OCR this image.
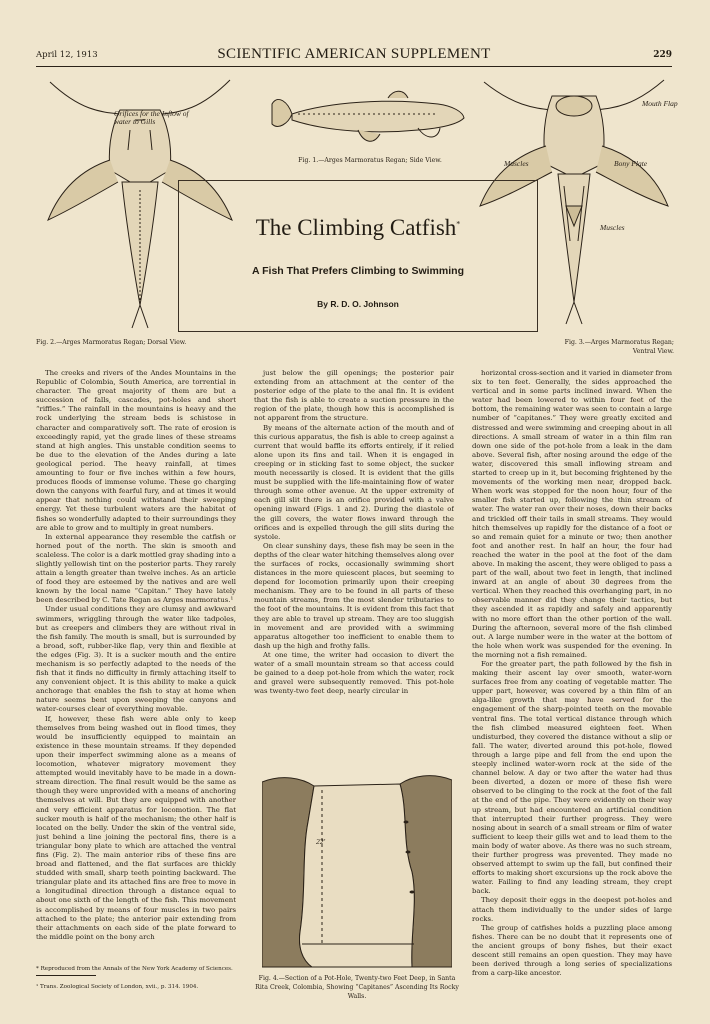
April 12, 1913	SCIENTIFIC AMERICAN SUPPLEMENT	229
Orifices for the Inflow of water to Gills
Fig. 2.—Arges Marmoratus Regan; Dorsal View.
Fig. 1.—Arges Marmoratus Regan; Side View.
Mouth Flap
Muscles	Bony Plate
Muscles
Fig. 3.—Arges Marmoratus Regan; Ventral View.
The Climbing Catfish*
A Fish That Prefers Climbing to Swimming
By R. D. O. Johnson

The creeks and rivers of the Andes Mountains in the Republic of Colombia, South America, are torrential in character. The great majority of them are but a succession of falls, cascades, pot-holes and short “riffles.” The rainfall in the mountains is heavy and the rock underlying the stream beds is schistose in character and comparatively soft. The rate of erosion is exceedingly rapid, yet the grade lines of these streams stand at high angles. This unstable condition seems to be due to the elevation of the Andes during a late geological period. The heavy rainfall, at times amounting to four or five inches within a few hours, produces floods of immense volume. These go charging down the canyons with fearful fury, and at times it would appear that nothing could withstand their sweeping energy. Yet these turbulent waters are the habitat of fishes so wonderfully adapted to their surroundings they are able to grow and to multiply in great numbers.

In external appearance they resemble the catfish or horned pout of the north. The skin is smooth and scaleless. The color is a dark mottled gray shading into a slightly yellowish tint on the posterior parts. They rarely attain a length greater than twelve inches. As an article of food they are esteemed by the natives and are well known by the local name “Capitan.” They have lately been described by C. Tate Regan as Arges marmoratus.¹

Under usual conditions they are clumsy and awkward swimmers, wriggling through the water like tadpoles, but as creepers and climbers they are without rival in the fish family. The mouth is small, but is surrounded by a broad, soft, rubber-like flap, very thin and flexible at the edges (Fig. 3). It is a sucker mouth and the entire mechanism is so perfectly adapted to the needs of the fish that it finds no difficulty in firmly attaching itself to any convenient object. It is this ability to make a quick anchorage that enables the fish to stay at home when nature seems bent upon sweeping the canyons and water-courses clear of everything movable.

If, however, these fish were able only to keep themselves from being washed out in flood times, they would be insufficiently equipped to maintain an existence in these mountain streams. If they depended upon their imperfect swimming alone as a means of locomotion, whatever migratory movement they attempted would inevitably have to be made in a down-stream direction. The final result would be the same as though they were unprovided with a means of anchoring themselves at will. But they are equipped with another and very efficient apparatus for locomotion. The flat sucker mouth is half of the mechanism; the other half is located on the belly. Under the skin of the ventral side, just behind a line joining the pectoral fins, there is a triangular bony plate to which are attached the ventral fins (Fig. 2). The main anterior ribs of these fins are broad and flattened, and the flat surfaces are thickly studded with small, sharp teeth pointing backward. The triangular plate and its attached fins are free to move in a longitudinal direction through a distance equal to about one sixth of the length of the fish. This movement is accomplished by means of four muscles in two pairs attached to the plate; the anterior pair extending from their attachments on each side of the plate forward to the middle point on the bony arch

* Reproduced from the Annals of the New York Academy of Sciences.
¹ Trans. Zoological Society of London, xvii., p. 314. 1904.

just below the gill openings; the posterior pair extending from an attachment at the center of the posterior edge of the plate to the anal fin. It is evident that the fish is able to create a suction pressure in the region of the plate, though how this is accomplished is not apparent from the structure.

By means of the alternate action of the mouth and of this curious apparatus, the fish is able to creep against a current that would baffle its efforts entirely, if it relied alone upon its fins and tail. When it is engaged in creeping or in sticking fast to some object, the sucker mouth necessarily is closed. It is evident that the gills must be supplied with the life-maintaining flow of water through some other avenue. At the upper extremity of each gill slit there is an orifice provided with a valve opening inward (Figs. 1 and 2). During the diastole of the gill covers, the water flows inward through the orifices and is expelled through the gill slits during the systole.

On clear sunshiny days, these fish may be seen in the depths of the clear water hitching themselves along over the surfaces of rocks, occasionally swimming short distances in the more quiescent places, but seeming to depend for locomotion primarily upon their creeping mechanism. They are to be found in all parts of these mountain streams, from the most slender tributaries to the foot of the mountains. It is evident from this fact that they are able to travel up stream. They are too sluggish in movement and are provided with a swimming apparatus altogether too inefficient to enable them to dash up the high and frothy falls.

At one time, the writer had occasion to divert the water of a small mountain stream so that access could be gained to a deep pot-hole from which the water, rock and gravel were subsequently removed. This pot-hole was twenty-two feet deep, nearly circular in

22'
Fig. 4.—Section of a Pot-Hole, Twenty-two Feet Deep, in Santa Rita Creek, Colombia, Showing “Capitanes” Ascending Its Rocky Walls.

horizontal cross-section and it varied in diameter from six to ten feet. Generally, the sides approached the vertical and in some parts inclined inward. When the water had been lowered to within four feet of the bottom, the remaining water was seen to contain a large number of “capitanes.” They were greatly excited and distressed and were swimming and creeping about in all directions. A small stream of water in a thin film ran down one side of the pot-hole from a leak in the dam above. Several fish, after nosing around the edge of the water, discovered this small inflowing stream and started to creep up in it, but becoming frightened by the movements of the working men near, dropped back. When work was stopped for the noon hour, four of the smaller fish started up, following the thin stream of water. The water ran over their noses, down their backs and trickled off their tails in small streams. They would hitch themselves up rapidly for the distance of a foot or so and remain quiet for a minute or two; then another foot and another rest. In half an hour, the four had reached the water in the pool at the foot of the dam above. In making the ascent, they were obliged to pass a part of the wall, about two feet in length, that inclined inward at an angle of about 30 degrees from the vertical. When they reached this overhanging part, in no observable manner did they change their tactics, but they ascended it as rapidly and safely and apparently with no more effort than the other portion of the wall. During the afternoon, several more of the fish climbed out. A large number were in the water at the bottom of the hole when work was suspended for the evening. In the morning not a fish remained.

For the greater part, the path followed by the fish in making their ascent lay over smooth, water-worn surfaces free from any coating of vegetable matter. The upper part, however, was covered by a thin film of an alga-like growth that may have served for the engagement of the sharp-pointed teeth on the movable ventral fins. The total vertical distance through which the fish climbed measured eighteen feet. When undisturbed, they covered the distance without a slip or fall. The water, diverted around this pot-hole, flowed through a large pipe and fell from the end upon the steeply inclined water-worn rock at the side of the channel below. A day or two after the water had thus been diverted, a dozen or more of these fish were observed to be clinging to the rock at the foot of the fall at the end of the pipe. They were evidently on their way up stream, but had encountered an artificial condition that interrupted their further progress. They were nosing about in search of a small stream or film of water sufficient to keep their gills wet and to lead them to the main body of water above. As there was no such stream, their further progress was prevented. They made no observed attempt to swim up the fall, but confined their efforts to making short excursions up the rock above the water. Failing to find any leading stream, they crept back.

They deposit their eggs in the deepest pot-holes and attach them individually to the under sides of large rocks.

The group of catfishes holds a puzzling place among fishes. There can be no doubt that it represents one of the ancient groups of bony fishes, but their exact descent still remains an open question. They may have been derived through a long series of specializations from a carp-like ancestor.
